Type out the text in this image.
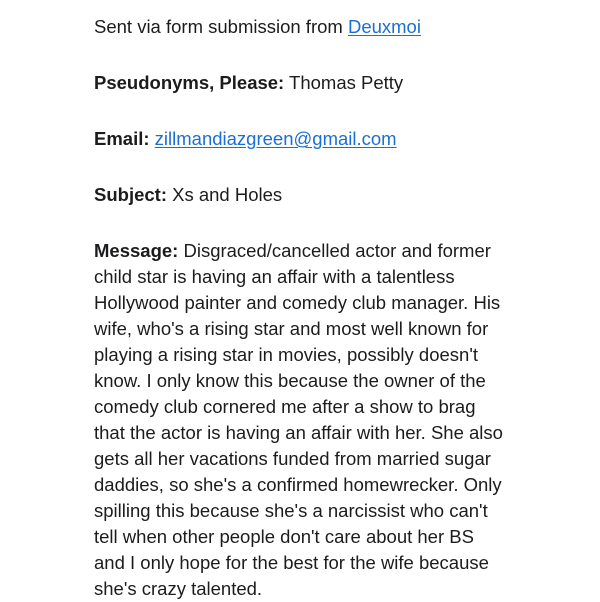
Sent via form submission from Deuxmoi

Pseudonyms, Please: Thomas Petty

Email: zillmandiazgreen@gmail.com

Subject: Xs and Holes

Message: Disgraced/cancelled actor and former
child star is having an affair with a talentless
Hollywood painter and comedy club manager. His
wife, who's a rising star and most well known for
playing a rising star in movies, possibly doesn't
know. I only know this because the owner of the
comedy club cornered me after a show to brag
that the actor is having an affair with her. She also
gets all her vacations funded from married sugar
daddies, so she's a confirmed homewrecker. Only
spilling this because she's a narcissist who can't
tell when other people don't care about her BS
and I only hope for the best for the wife because
she's crazy talented.
